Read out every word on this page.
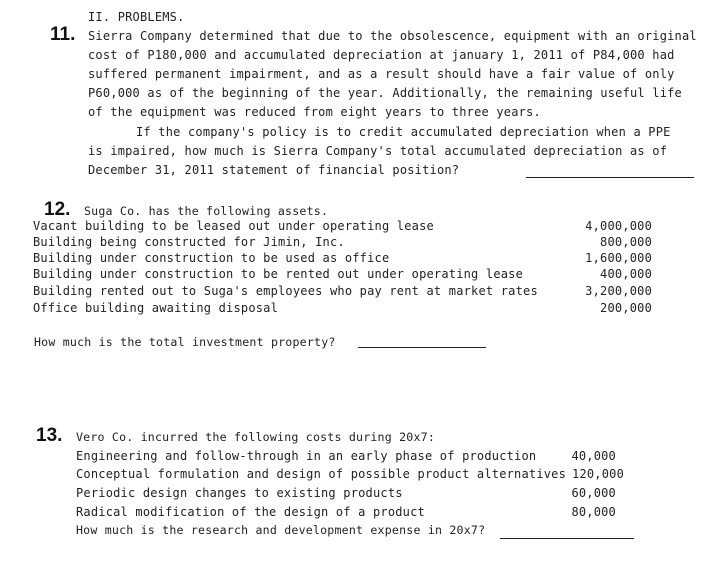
II. PROBLEMS.
11. Sierra Company determined that due to the obsolescence, equipment with an original
cost of P180,000 and accumulated depreciation at january 1, 2011 of P84,000 had
suffered permanent impairment, and as a result should have a fair value of only
P60,000 as of the beginning of the year. Additionally, the remaining useful life
of the equipment was reduced from eight years to three years.
If the company's policy is to credit accumulated depreciation when a PPE
is impaired, how much is Sierra Company's total accumulated depreciation as of
December 31, 2011 statement of financial position?
12. Suga Co. has the following assets.
Vacant building to be leased out under operating lease	4,000,000
Building being constructed for Jimin, Inc.	800,000
Building under construction to be used as office	1,600,000
Building under construction to be rented out under operating lease	400,000
Building rented out to Suga's employees who pay rent at market rates	3,200,000
Office building awaiting disposal	200,000
How much is the total investment property?
13. Vero Co. incurred the following costs during 20x7:
Engineering and follow-through in an early phase of production	40,000
Conceptual formulation and design of possible product alternatives 120,000
Periodic design changes to existing products	60,000
Radical modification of the design of a product	80,000
How much is the research and development expense in 20x7?
